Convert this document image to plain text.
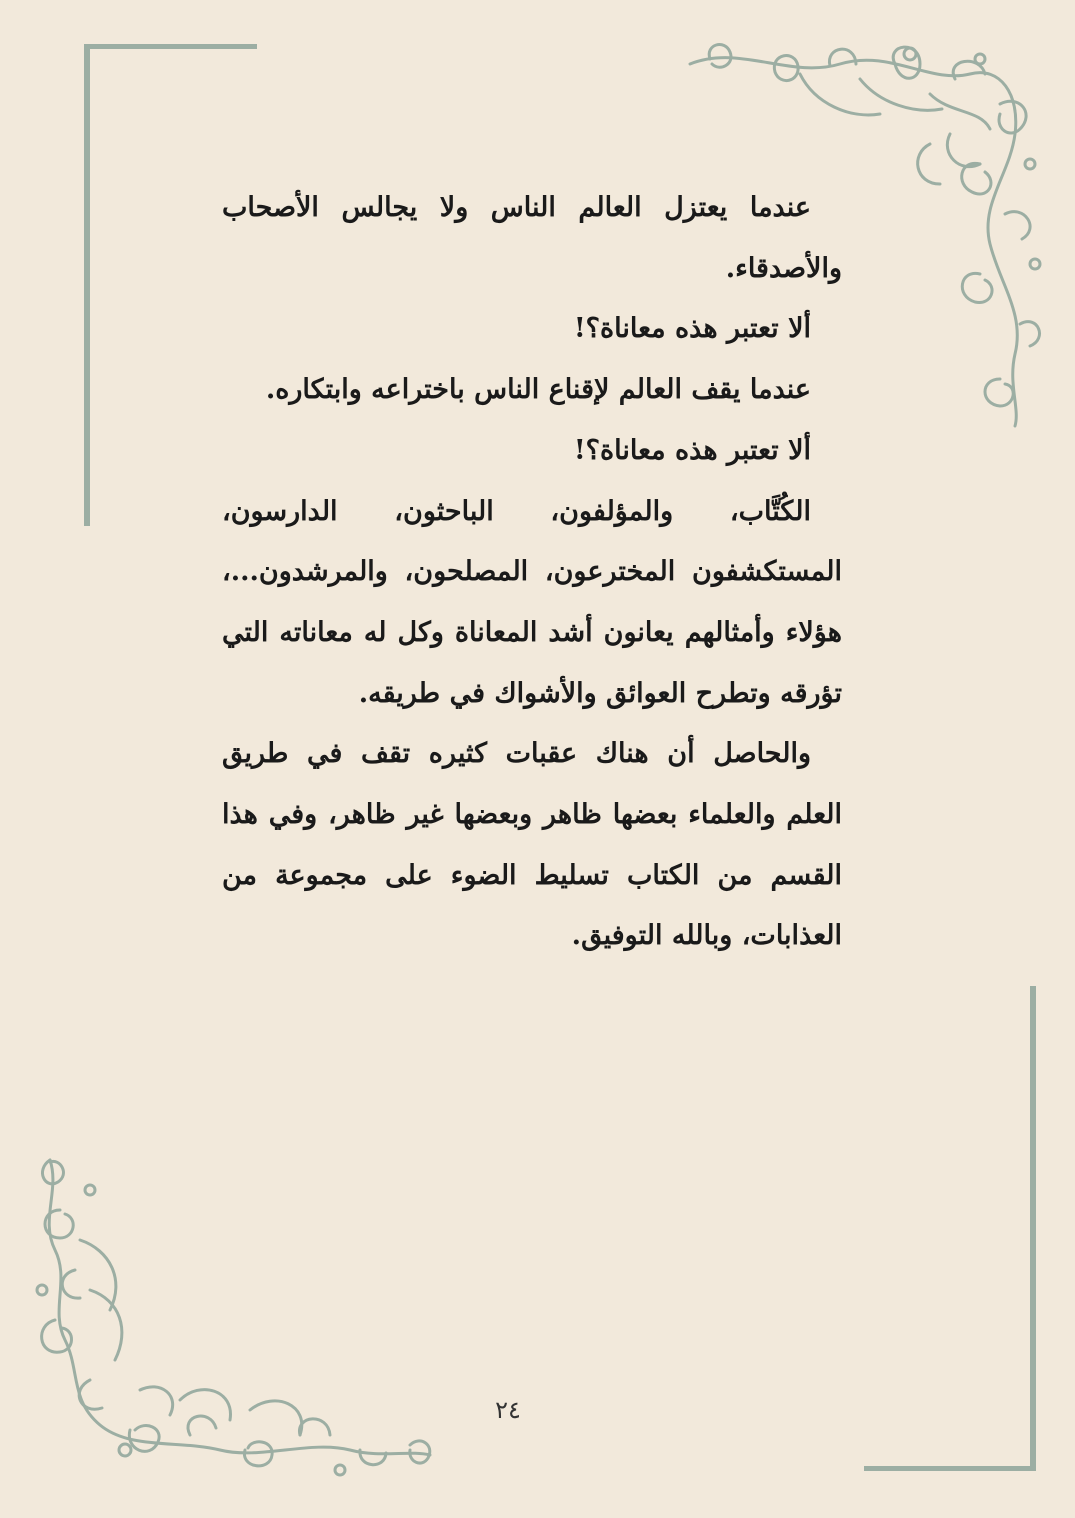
عندما يعتزل العالم الناس ولا يجالس الأصحاب والأصدقاء.

ألا تعتبر هذه معاناة؟!

عندما يقف العالم لإقناع الناس باختراعه وابتكاره.

ألا تعتبر هذه معاناة؟!

الكُتَّاب، والمؤلفون، الباحثون، الدارسون،

المستكشفون المخترعون، المصلحون، والمرشدون...، هؤلاء وأمثالهم يعانون أشد المعاناة وكل له معاناته التي تؤرقه وتطرح العوائق والأشواك في طريقه.

والحاصل أن هناك عقبات كثيره تقف في طريق العلم والعلماء بعضها ظاهر وبعضها غير ظاهر، وفي هذا القسم من الكتاب تسليط الضوء على مجموعة من العذابات، وبالله التوفيق.

٢٤
